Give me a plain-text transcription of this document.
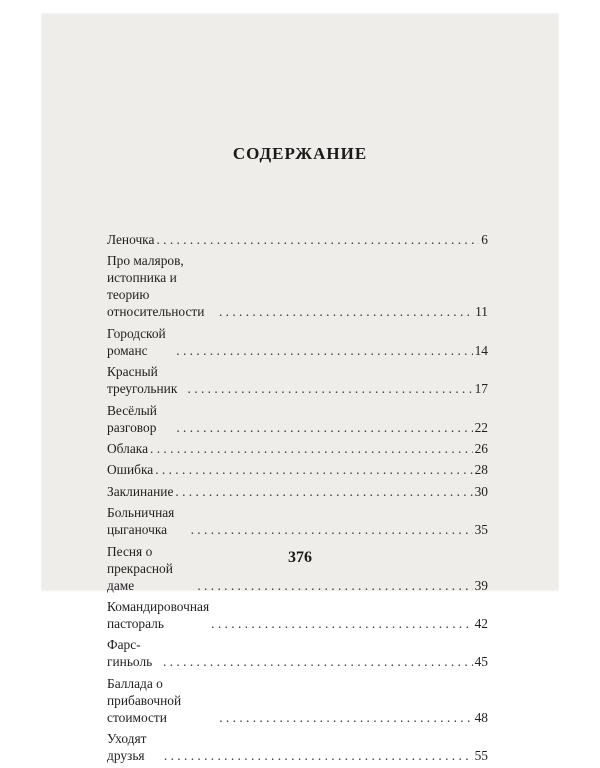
СОДЕРЖАНИЕ
Леночка . . .	6
Про маляров, истопника и теорию
относительности . . .	11
Городской романс . . .	14
Красный треугольник . . .	17
Весёлый разговор . . .	22
Облака . . .	26
Ошибка . . .	28
Заклинание . . .	30
Больничная цыганочка . . .	35
Песня о прекрасной даме . . .	39
Командировочная пастораль . . .	42
Фарс-гиньоль . . .	45
Баллада о прибавочной стоимости . . .	48
Уходят друзья . . .	55
376
